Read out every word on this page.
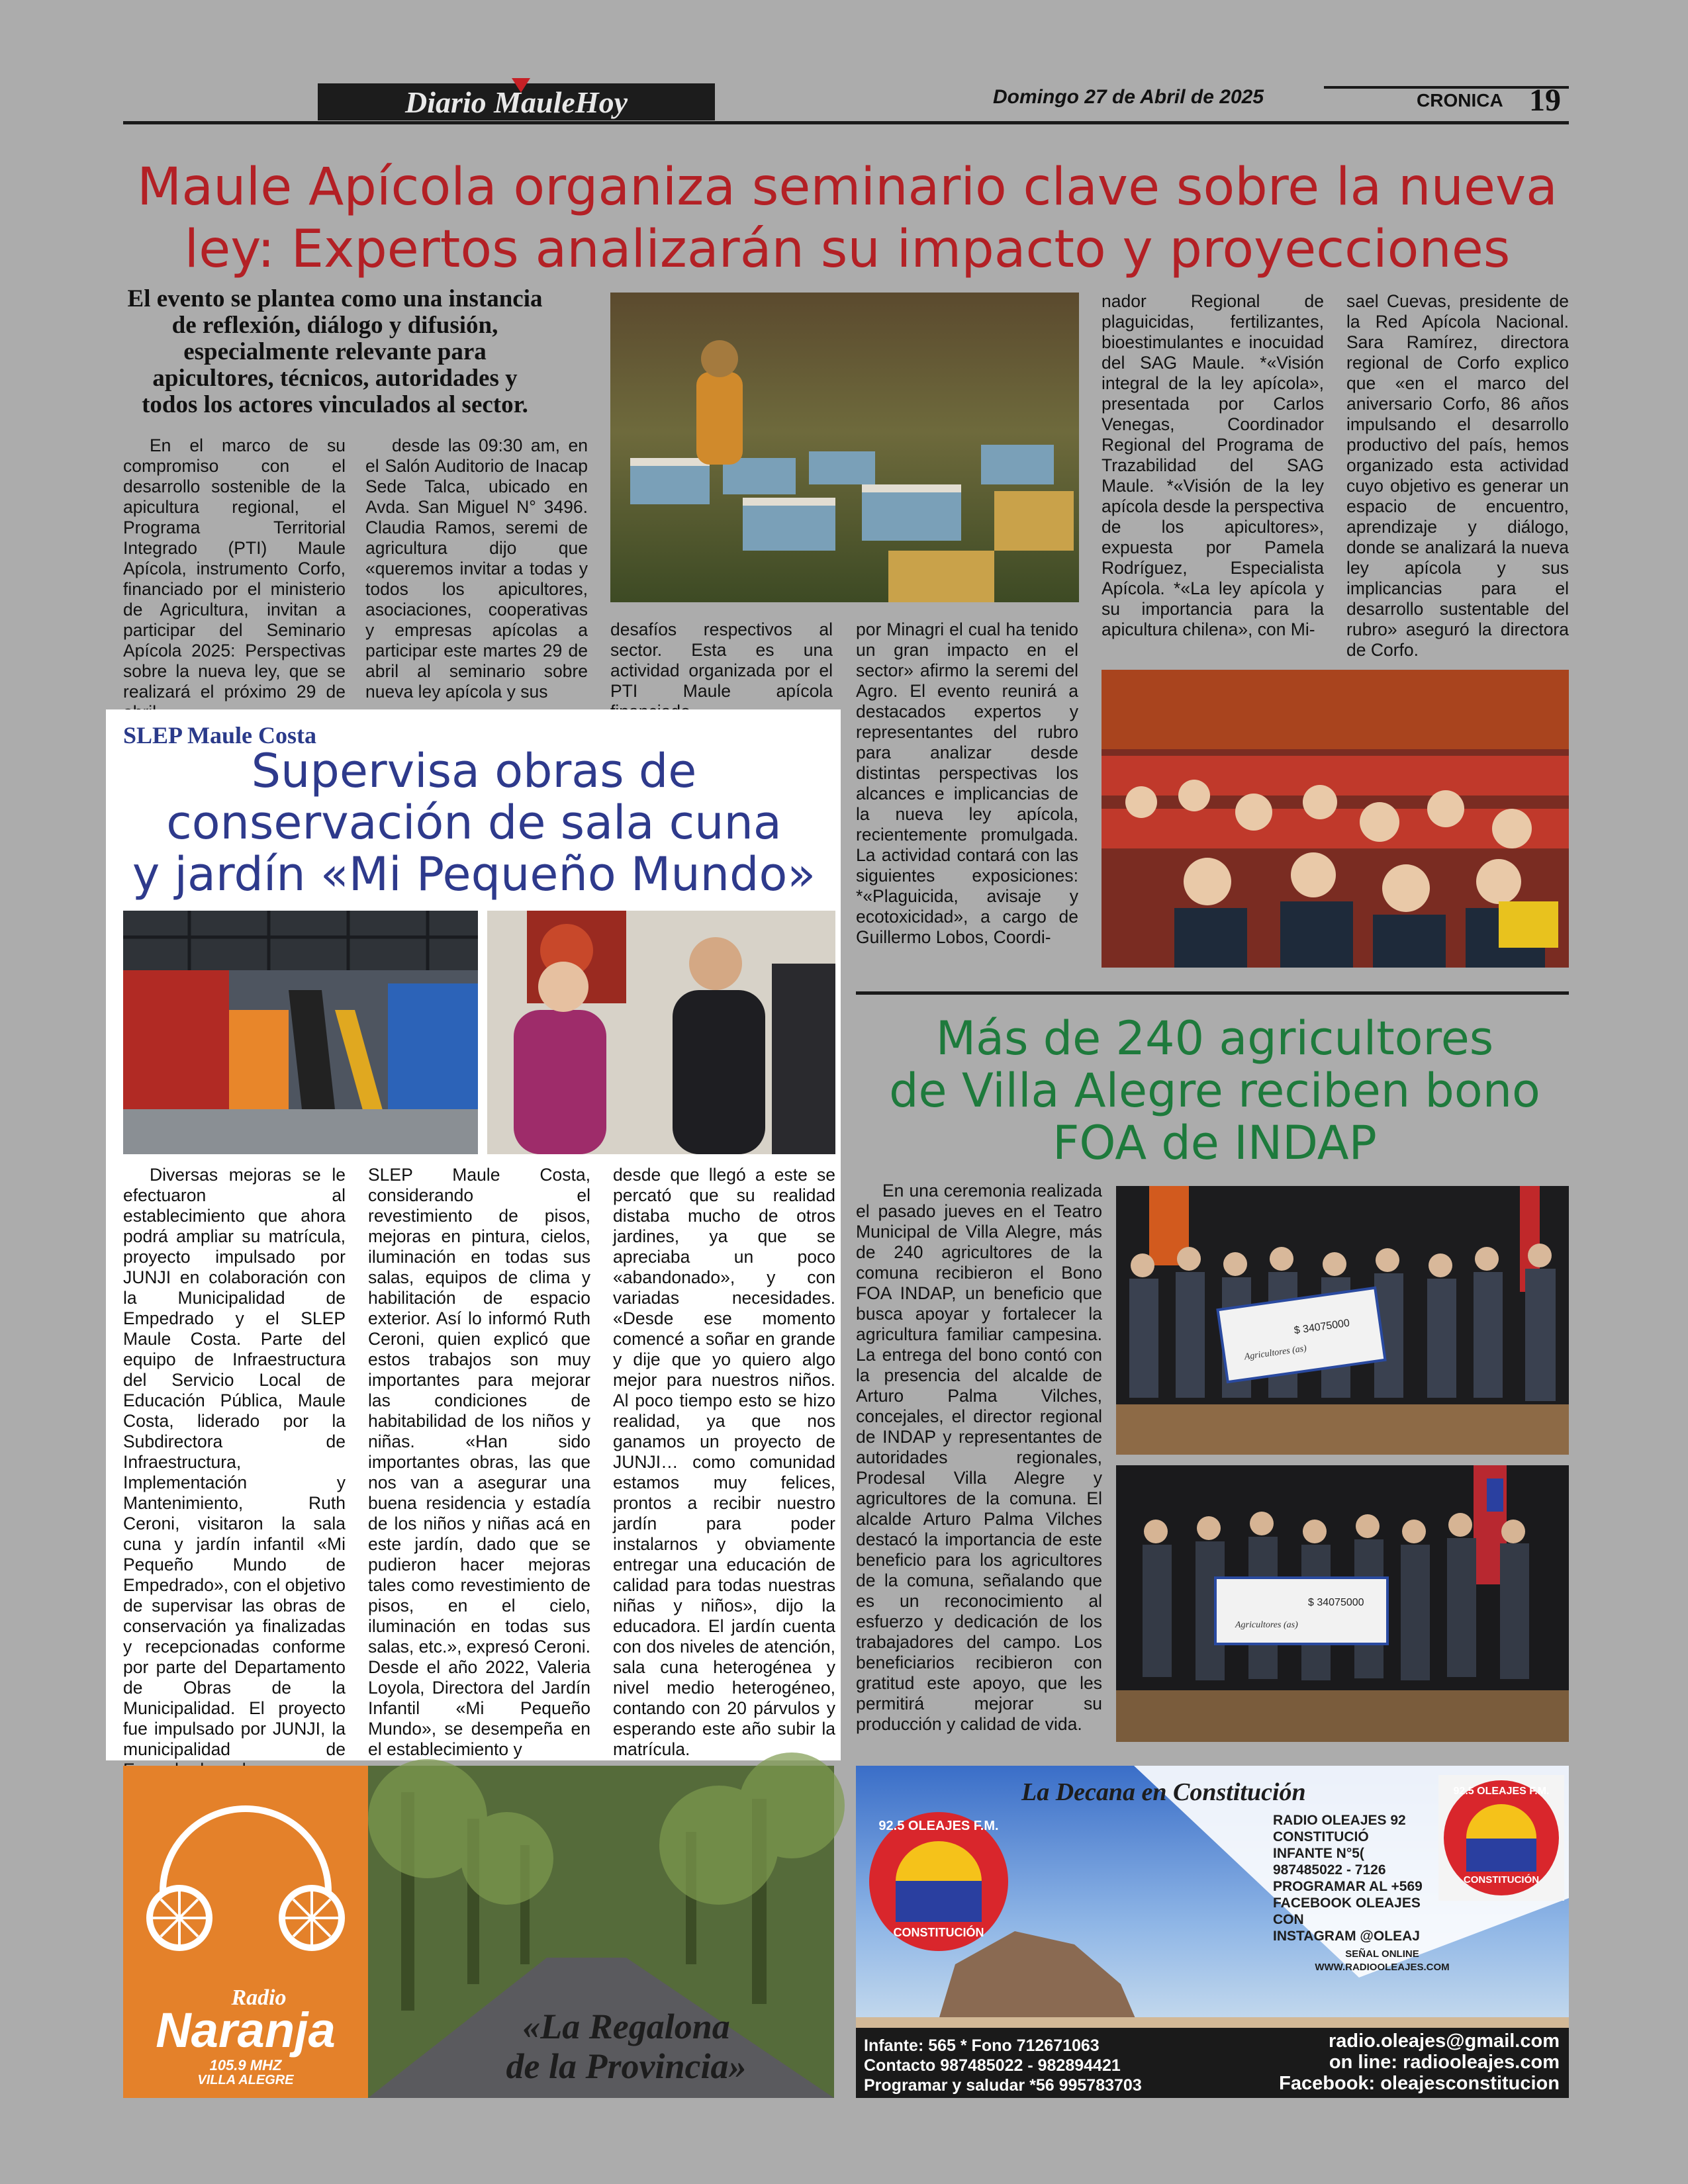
Diario MauleHoy	Domingo 27 de Abril de 2025	CRONICA 19
Maule Apícola organiza seminario clave sobre la nueva
ley: Expertos analizarán su impacto y proyecciones
El evento se plantea como una instancia de reflexión, diálogo y difusión, especialmente relevante para apicultores, técnicos, autoridades y todos los actores vinculados al sector.

En el marco de su compromiso con el desarrollo sostenible de la apicultura regional, el Programa Territorial Integrado (PTI) Maule Apícola, instrumento Corfo, financiado por el ministerio de Agricultura, invitan a participar del Seminario Apícola 2025: Perspectivas sobre la nueva ley, que se realizará el próximo 29 de

desde las 09:30 am, en el Salón Auditorio de Inacap Sede Talca, ubicado en Avda. San Miguel N° 3496. Claudia Ramos, seremi de agricultura dijo que «queremos invitar a todas y todos los apicultores, asociaciones, cooperativas y empresas apícolas a participar este martes 29 de abril al seminario sobre nueva ley apícola y sus

desafíos respectivos al sector. Esta es una actividad organizada por el PTI Maule apícola

por Minagri el cual ha tenido un gran impacto en el sector» afirmo la seremi del Agro. El evento reunirá a destacados expertos y representantes del rubro para analizar desde distintas perspectivas los alcances e implicancias de la nueva ley apícola, recientemente promulgada. La actividad contará con las siguientes exposiciones: *«Plaguicida, avisaje y ecotoxicidad», a cargo de Guillermo Lobos, Coordi-

nador Regional de plaguicidas, fertilizantes, bioestimulantes e inocuidad del SAG Maule. *«Visión integral de la ley apícola», presentada por Carlos Venegas, Coordinador Regional del Programa de Trazabilidad del SAG Maule. *«Visión de la ley apícola desde la perspectiva de los apicultores», expuesta por Pamela Rodríguez, Especialista Apícola. *«La ley apícola y su importancia para la apicultura chilena», con Mi-

sael Cuevas, presidente de la Red Apícola Nacional. Sara Ramírez, directora regional de Corfo explico que «en el marco del aniversario Corfo, 86 años impulsando el desarrollo productivo del país, hemos organizado esta actividad cuyo objetivo es generar un espacio de encuentro, aprendizaje y diálogo, donde se analizará la nueva ley apícola y sus implicancias para el desarrollo sustentable del rubro» aseguró la directora de Corfo.

SLEP Maule Costa
Supervisa obras de
conservación de sala cuna
y jardín «Mi Pequeño Mundo»

Diversas mejoras se le efectuaron al establecimiento que ahora podrá ampliar su matrícula, proyecto impulsado por JUNJI en colaboración con la Municipalidad de Empedrado y el SLEP Maule Costa. Parte del equipo de Infraestructura del Servicio Local de Educación Pública, Maule Costa, liderado por la Subdirectora de Infraestructura, Implementación y Mantenimiento, Ruth Ceroni, visitaron la sala cuna y jardín infantil «Mi Pequeño Mundo de Empedrado», con el objetivo de supervisar las obras de conservación ya finalizadas y recepcionadas conforme por parte del Departamento de Obras de la Municipalidad. El proyecto fue impulsado por JUNJI, la municipalidad de

SLEP Maule Costa, considerando el revestimiento de pisos, mejoras en pintura, cielos, iluminación en todas sus salas, equipos de clima y habilitación de espacio exterior. Así lo informó Ruth Ceroni, quien explicó que estos trabajos son muy importantes para mejorar las condiciones de habitabilidad de los niños y niñas. «Han sido importantes obras, las que nos van a asegurar una buena residencia y estadía de los niños y niñas acá en este jardín, dado que se pudieron hacer mejoras tales como revestimiento de pisos, en el cielo, iluminación en todas sus salas, etc.», expresó Ceroni. Desde el año 2022, Valeria Loyola, Directora del Jardín Infantil «Mi Pequeño Mundo», se desempeña en el establecimiento y

desde que llegó a este se percató que su realidad distaba mucho de otros jardines, ya que se apreciaba un poco «abandonado», y con variadas necesidades. «Desde ese momento comencé a soñar en grande y dije que yo quiero algo mejor para nuestros niños. Al poco tiempo esto se hizo realidad, ya que nos ganamos un proyecto de JUNJI… como comunidad estamos muy felices, prontos a recibir nuestro jardín para poder instalarnos y obviamente entregar una educación de calidad para todas nuestras niñas y niños», dijo la educadora. El jardín cuenta con dos niveles de atención, sala cuna heterogénea y nivel medio heterogéneo, contando con 20 párvulos y esperando este año subir la matrícula.

Más de 240 agricultores
de Villa Alegre reciben bono
FOA de INDAP

En una ceremonia realizada el pasado jueves en el Teatro Municipal de Villa Alegre, más de 240 agricultores de la comuna recibieron el Bono FOA INDAP, un beneficio que busca apoyar y fortalecer la agricultura familiar campesina. La entrega del bono contó con la presencia del alcalde de Arturo Palma Vilches, concejales, el director regional de INDAP y representantes de autoridades regionales, Prodesal Villa Alegre y agricultores de la comuna. El alcalde Arturo Palma Vilches destacó la importancia de este beneficio para los agricultores de la comuna, señalando que es un reconocimiento al esfuerzo y dedicación de los trabajadores del campo. Los beneficiarios recibieron con gratitud este apoyo, que les permitirá mejorar su producción y calidad de vida.

$ 34075000
Agricultores (as)
$ 34075000
Agricultores (as)
Radio
Naranja
105.9 MHZ
VILLA ALEGRE
«La Regalona
de la Provincia»
La Decana en Constitución
92.5 OLEAJES F.M.
CONSTITUCIÓN
RADIO OLEAJES 92
CONSTITUCIÓ
INFANTE N°5(
987485022 - 7126
PROGRAMAR AL +569
FACEBOOK OLEAJES CON
INSTAGRAM @OLEAJ
92.5 OLEAJES F.M.
CONSTITUCIÓN
SEÑAL ONLINE
WWW.RADIOOLEAJES.COM
Infante: 565 * Fono 712671063
Contacto 987485022 - 982894421
Programar y saludar *56 995783703
radio.oleajes@gmail.com
on line: radiooleajes.com
Facebook: oleajesconstitucion
